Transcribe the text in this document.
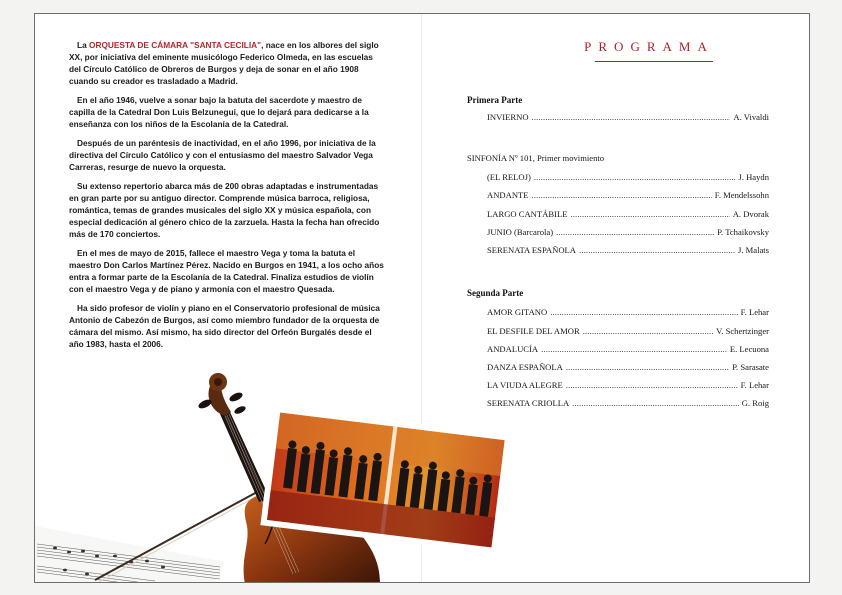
La ORQUESTA DE CÁMARA "SANTA CECILIA", nace en los albores del siglo XX, por iniciativa del eminente musicólogo Federico Olmeda, en las escuelas del Círculo Católico de Obreros de Burgos y deja de sonar en el año 1908 cuando su creador es trasladado a Madrid.

En el año 1946, vuelve a sonar bajo la batuta del sacerdote y maestro de capilla de la Catedral Don Luis Belzunegui, que lo dejará para dedicarse a la enseñanza con los niños de la Escolanía de la Catedral.

Después de un paréntesis de inactividad, en el año 1996, por iniciativa de la directiva del Círculo Católico y con el entusiasmo del maestro Salvador Vega Carreras, resurge de nuevo la orquesta.

Su extenso repertorio abarca más de 200 obras adaptadas e instrumentadas en gran parte por su antiguo director. Comprende música barroca, religiosa, romántica, temas de grandes musicales del siglo XX y música española, con especial dedicación al género chico de la zarzuela. Hasta la fecha han ofrecido más de 170 conciertos.

En el mes de mayo de 2015, fallece el maestro Vega y toma la batuta el maestro Don Carlos Martínez Pérez. Nacido en Burgos en 1941, a los ocho años entra a formar parte de la Escolanía de la Catedral. Finaliza estudios de violín con el maestro Vega y de piano y armonía con el maestro Quesada.

Ha sido profesor de violín y piano en el Conservatorio profesional de música Antonio de Cabezón de Burgos, así como miembro fundador de la orquesta de cámara del mismo. Así mismo, ha sido director del Orfeón Burgalés desde el año 1983, hasta el 2006.

PROGRAMA
Primera Parte
INVIERNO . . .	A. Vivaldi
SINFONÍA Nº 101, Primer movimiento
(EL RELOJ) . . .	J. Haydn
ANDANTE . . .	F. Mendelssohn
LARGO CANTÁBILE . . .	A. Dvorak
JUNIO (Barcarola) . . .	P. Tchaikovsky
SERENATA ESPAÑOLA . . .	J. Malats
Segunda Parte
AMOR GITANO . . .	F. Lehar
EL DESFILE DEL AMOR . . .	V. Schertzinger
ANDALUCÍA . . .	E. Lecuona
DANZA ESPAÑOLA . . .	P. Sarasate
LA VIUDA ALEGRE . . .	F. Lehar
SERENATA CRIOLLA . . .	G. Roig
